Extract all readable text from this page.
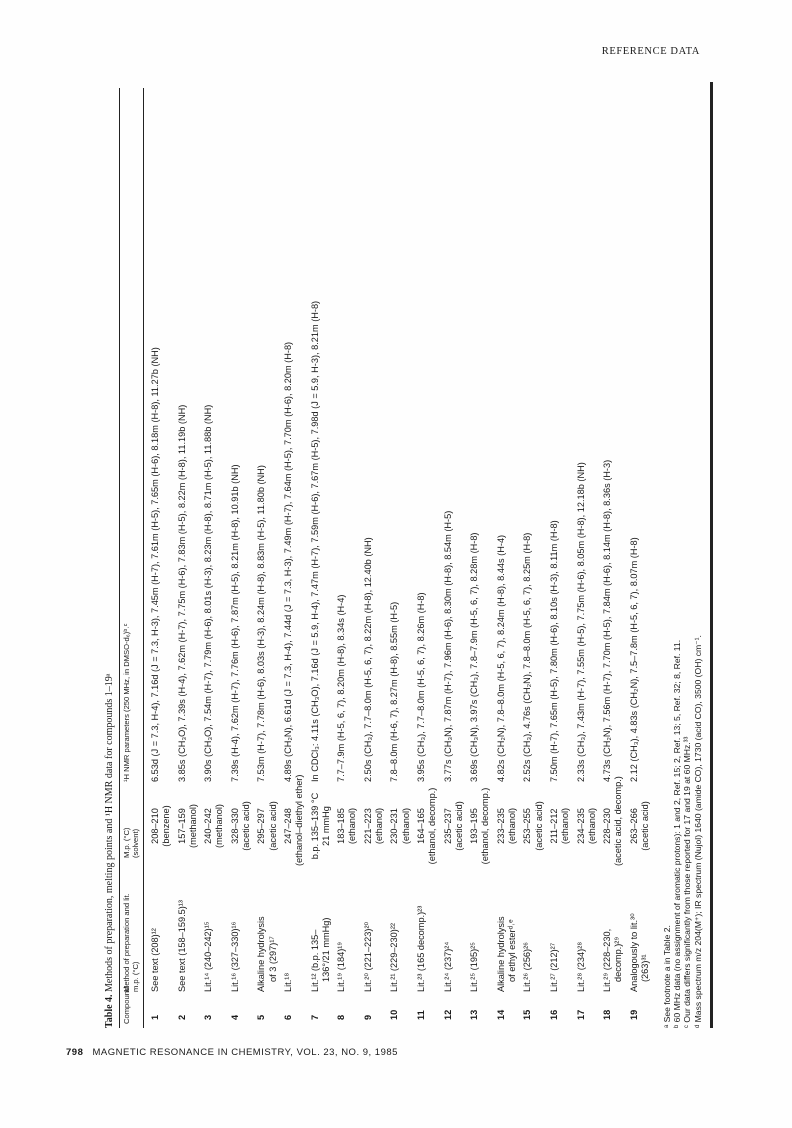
REFERENCE DATA
Table 4. Methods of preparation, melting points and ¹H NMR data for compounds 1–19ᵃ
Compound
Method of preparation and lit. m.p. (°C)
M.p. (°C) (solvent)
¹H NMR parameters (250 MHz, in DMSO-d₆)ᵇ˒ᶜ
1
See text (208)¹²
208–210 (benzene)
6.53d (J = 7.3, H-4), 7.16d (J = 7.3, H-3), 7.45m (H-7), 7.61m (H-5), 7.65m (H-6), 8.18m (H-8), 11.27b (NH)
2
See text (158–159.5)¹³
157–159 (methanol)
3.85s (CH₃O), 7.39s (H-4), 7.62m (H-7), 7.75m (H-6), 7.83m (H-5), 8.22m (H-8), 11.19b (NH)
3
Lit.¹⁴ (240–242)¹⁵
240–242 (methanol)
3.90s (CH₃O), 7.54m (H-7), 7.79m (H-6), 8.01s (H-3), 8.23m (H-8), 8.71m (H-5), 11.88b (NH)
4
Lit.¹⁶ (327–330)¹⁶
328–330 (acetic acid)
7.39s (H-4), 7.62m (H-7), 7.76m (H-6), 7.87m (H-5), 8.21m (H-8), 10.91b (NH)
5
Alkaline hydrolysis of 3 (297)¹⁷
295–297 (acetic acid)
7.53m (H-7), 7.78m (H-6), 8.03s (H-3), 8.24m (H-8), 8.83m (H-5), 11.80b (NH)
6
Lit.¹⁸
247–248 (ethanol–diethyl ether)
4.89s (CH₂N), 6.61d (J = 7.3, H-4), 7.44d (J = 7.3, H-3), 7.49m (H-7), 7.64m (H-5), 7.70m (H-6), 8.20m (H-8)
7
Lit.¹² (b.p. 135– 136°/21 mmHg)
b.p. 135–139 °C 21 mmHg
In CDCl₃: 4.11s (CH₃O), 7.16d (J = 5.9, H-4), 7.47m (H-7), 7.59m (H-6), 7.67m (H-5), 7.98d (J = 5.9, H-3), 8.21m (H-8)
8
Lit.¹⁹ (184)¹⁹
183–185 (ethanol)
7.7–7.9m (H-5, 6, 7), 8.20m (H-8), 8.34s (H-4)
9
Lit.²⁰ (221–223)²⁰
221–223 (ethanol)
2.50s (CH₃), 7.7–8.0m (H-5, 6, 7), 8.22m (H-8), 12.40b (NH)
10
Lit.²¹ (229–230)²²
230–231 (ethanol)
7.8–8.0m (H-6, 7), 8.27m (H-8), 8.55m (H-5)
11
Lit.²³ (165 decomp.)²³
164–165 (ethanol, decomp.)
3.95s (CH₃), 7.7–8.0m (H-5, 6, 7), 8.26m (H-8)
12
Lit.²⁴ (237)²⁴
235–237 (acetic acid)
3.77s (CH₃N), 7.87m (H-7), 7.96m (H-6), 8.30m (H-8), 8.54m (H-5)
13
Lit.²⁵ (195)²⁵
193–195 (ethanol, decomp.)
3.69s (CH₃N), 3.97s (CH₃), 7.8–7.9m (H-5, 6, 7), 8.28m (H-8)
14
Alkaline hydrolysis of ethyl esterᵈ˒ᵉ
233–235 (ethanol)
4.82s (CH₂N), 7.8–8.0m (H-5, 6, 7), 8.24m (H-8), 8.44s (H-4)
15
Lit.²⁶ (256)²⁶
253–255 (acetic acid)
2.52s (CH₃), 4.76s (CH₂N), 7.8–8.0m (H-5, 6, 7), 8.25m (H-8)
16
Lit.²⁷ (212)²⁷
211–212 (ethanol)
7.50m (H-7), 7.65m (H-5), 7.80m (H-6), 8.10s (H-3), 8.11m (H-8)
17
Lit.²⁸ (234)²⁸
234–235 (ethanol)
2.33s (CH₃), 7.43m (H-7), 7.55m (H-5), 7.75m (H-6), 8.05m (H-8), 12.18b (NH)
18
Lit.²⁹ (228–230, decomp.)²⁹
228–230 (acetic acid, decomp.)
4.73s (CH₂N), 7.56m (H-7), 7.70m (H-5), 7.84m (H-6), 8.14m (H-8), 8.36s (H-3)
19
Analogously to lit.³⁰ (263)³¹
263–266 (acetic acid)
2.12 (CH₃), 4.83s (CH₂N), 7.5–7.8m (H-5, 6, 7), 8.07m (H-8)
ᵃ See footnote a in Table 2. ᵇ 60 MHz data (no assignment of aromatic protons): 1 and 2, Ref. 15; 2, Ref. 13; 5, Ref. 32; 8, Ref. 11. ᶜ Our data differs significantly from those reported for 17 and 19 at 60 MHz.³³ ᵈ Mass spectrum m/z 204(M⁺); IR spectrum (Nujol) 1640 (amide CO), 1730 (acid CO), 3500 (OH) cm⁻¹.
798 MAGNETIC RESONANCE IN CHEMISTRY, VOL. 23, NO. 9, 1985
